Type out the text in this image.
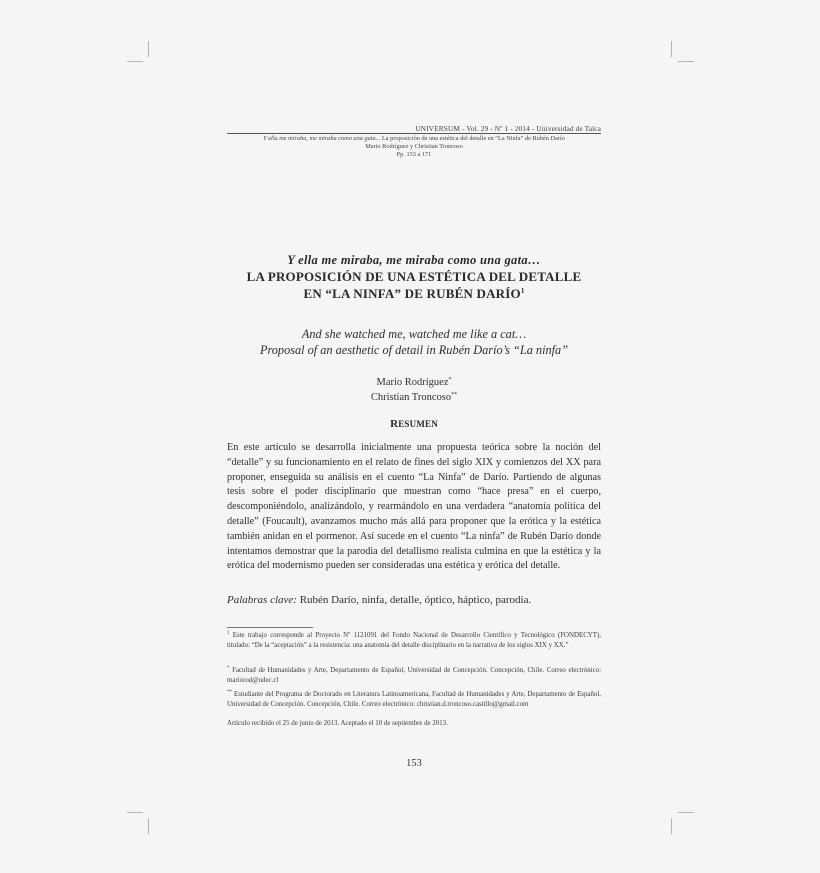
UNIVERSUM - Vol. 29 - Nº 1 - 2014 - Universidad de Talca
Y ella me miraba, me miraba como una gata... La proposición de una estética del detalle en “La Ninfa” de Rubén Darío
Mario Rodríguez y Christian Troncoso
Pp. 153 a 171
Y ella me miraba, me miraba como una gata…
LA PROPOSICIÓN DE UNA ESTÉTICA DEL DETALLE
EN “LA NINFA” DE RUBÉN DARÍO$^1$
And she watched me, watched me like a cat…
Proposal of an aesthetic of detail in Rubén Darío’s “La ninfa”
Mario Rodríguez*
Christian Troncoso**
RESUMEN

En este artículo se desarrolla inicialmente una propuesta teórica sobre la noción del “detalle” y su funcionamiento en el relato de fines del siglo XIX y comienzos del XX para proponer, enseguida su análisis en el cuento “La Ninfa” de Darío. Partiendo de algunas tesis sobre el poder disciplinario que muestran como “hace presa” en el cuerpo, descomponiéndolo, analizándolo, y rearmándolo en una verdadera “anatomía política del detalle” (Foucault), avanzamos mucho más allá para proponer que la erótica y la estética también anidan en el pormenor. Así sucede en el cuento “La ninfa” de Rubén Darío donde intentamos demostrar que la parodia del detallismo realista culmina en que la estética y la erótica del modernismo pueden ser consideradas una estética y erótica del detalle.

Palabras clave: Rubén Darío, ninfa, detalle, óptico, háptico, parodia.

$^1$ Este trabajo corresponde al Proyecto Nº 1121091 del Fondo Nacional de Desarrollo Científico y Tecnológico (FONDECYT), titulado: “De la “aceptación” a la resistencia: una anatomía del detalle disciplinario en la narrativa de los siglos XIX y XX.”

* Facultad de Humanidades y Arte, Departamento de Español, Universidad de Concepción. Concepción, Chile. Correo electrónico: mariorod@udec.cl

** Estudiante del Programa de Doctorado en Literatura Latinoamericana, Facultad de Humanidades y Arte, Departamento de Español, Universidad de Concepción. Concepción, Chile. Correo electrónico: christian.d.troncoso.castillo@gmail.com

Artículo recibido el 25 de junio de 2013. Aceptado el 10 de septiembre de 2013.

153
